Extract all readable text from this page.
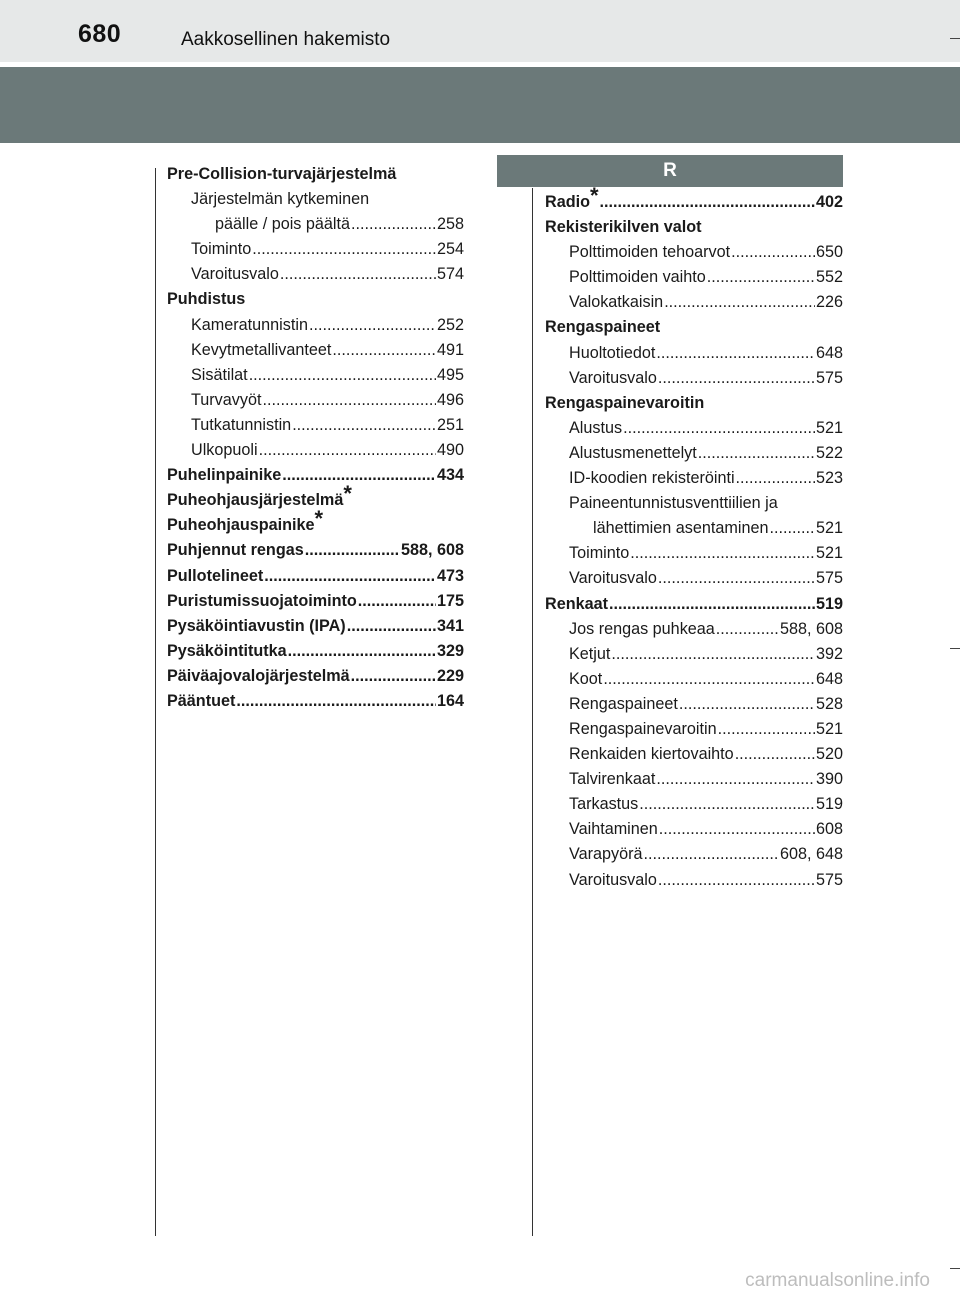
680	Aakkosellinen hakemisto
Pre-Collision-turvajärjestelmä
Järjestelmän kytkeminen
päälle / pois päältä .....	258
Toiminto .....	254
Varoitusvalo .....	574
Puhdistus
Kameratunnistin .....	252
Kevytmetallivanteet .....	491
Sisätilat .....	495
Turvavyöt .....	496
Tutkatunnistin .....	251
Ulkopuoli .....	490
Puhelinpainike .....	434
Puheohjausjärjestelmä*
Puheohjauspainike*
Puhjennut rengas .....	588, 608
Pullotelineet .....	473
Puristumissuojatoiminto .....	175
Pysäköintiavustin (IPA) .....	341
Pysäköintitutka .....	329
Päiväajovalojärjestelmä .....	229
Pääntuet .....	164
R
Radio* .....	402
Rekisterikilven valot
Polttimoiden tehoarvot .....	650
Polttimoiden vaihto .....	552
Valokatkaisin .....	226
Rengaspaineet
Huoltotiedot .....	648
Varoitusvalo .....	575
Rengaspainevaroitin
Alustus .....	521
Alustusmenettelyt .....	522
ID-koodien rekisteröinti .....	523
Paineentunnistusventtiilien ja
lähettimien asentaminen .....	521
Toiminto .....	521
Varoitusvalo .....	575
Renkaat .....	519
Jos rengas puhkeaa .....	588, 608
Ketjut .....	392
Koot .....	648
Rengaspaineet .....	528
Rengaspainevaroitin .....	521
Renkaiden kiertovaihto .....	520
Talvirenkaat .....	390
Tarkastus .....	519
Vaihtaminen .....	608
Varapyörä .....	608, 648
Varoitusvalo .....	575
carmanualsonline.info
